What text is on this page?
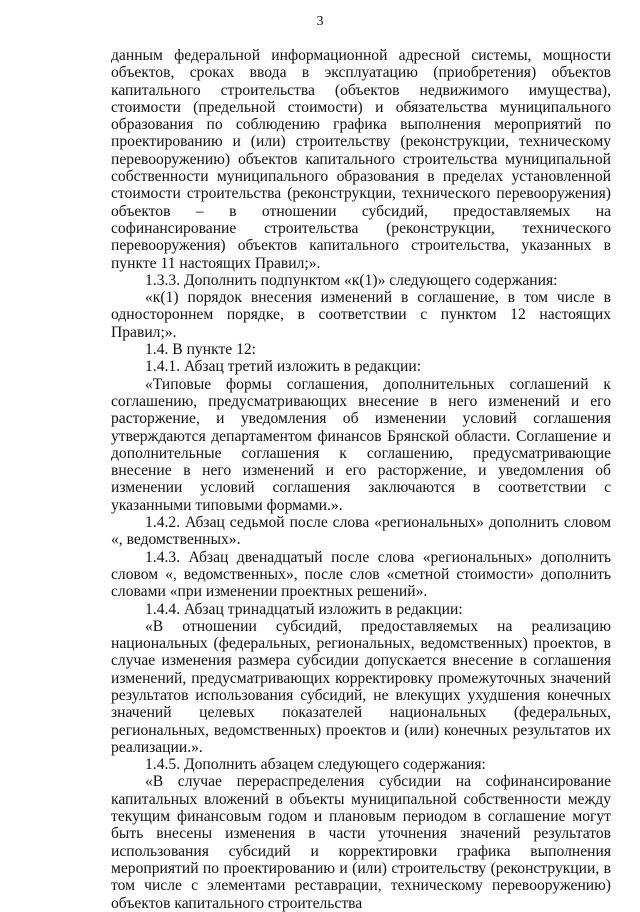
3

данным федеральной информационной адресной системы, мощности объектов, сроках ввода в эксплуатацию (приобретения) объектов капитального строительства (объектов недвижимого имущества), стоимости (предельной стоимости) и обязательства муниципального образования по соблюдению графика выполнения мероприятий по проектированию и (или) строительству (реконструкции, техническому перевооружению) объектов капитального строительства муниципальной собственности муниципального образования в пределах установленной стоимости строительства (реконструкции, технического перевооружения) объектов – в отношении субсидий, предоставляемых на софинансирование строительства (реконструкции, технического перевооружения) объектов капитального строительства, указанных в пункте 11 настоящих Правил;».

1.3.3. Дополнить подпунктом «к(1)» следующего содержания:

«к(1) порядок внесения изменений в соглашение, в том числе в одностороннем порядке, в соответствии с пунктом 12 настоящих Правил;».

1.4. В пункте 12:

1.4.1. Абзац третий изложить в редакции:

«Типовые формы соглашения, дополнительных соглашений к соглашению, предусматривающих внесение в него изменений и его расторжение, и уведомления об изменении условий соглашения утверждаются департаментом финансов Брянской области. Соглашение и дополнительные соглашения к соглашению, предусматривающие внесение в него изменений и его расторжение, и уведомления об изменении условий соглашения заключаются в соответствии с указанными типовыми формами.».

1.4.2. Абзац седьмой после слова «региональных» дополнить словом «, ведомственных».

1.4.3. Абзац двенадцатый после слова «региональных» дополнить словом «, ведомственных», после слов «сметной стоимости» дополнить словами «при изменении проектных решений».

1.4.4. Абзац тринадцатый изложить в редакции:

«В отношении субсидий, предоставляемых на реализацию национальных (федеральных, региональных, ведомственных) проектов, в случае изменения размера субсидии допускается внесение в соглашения изменений, предусматривающих корректировку промежуточных значений результатов использования субсидий, не влекущих ухудшения конечных значений целевых показателей национальных (федеральных, региональных, ведомственных) проектов и (или) конечных результатов их реализации.».

1.4.5. Дополнить абзацем следующего содержания:

«В случае перераспределения субсидии на софинансирование капитальных вложений в объекты муниципальной собственности между текущим финансовым годом и плановым периодом в соглашение могут быть внесены изменения в части уточнения значений результатов использования субсидий и корректировки графика выполнения мероприятий по проектированию и (или) строительству (реконструкции, в том числе с элементами реставрации, техническому перевооружению) объектов капитального строительства
